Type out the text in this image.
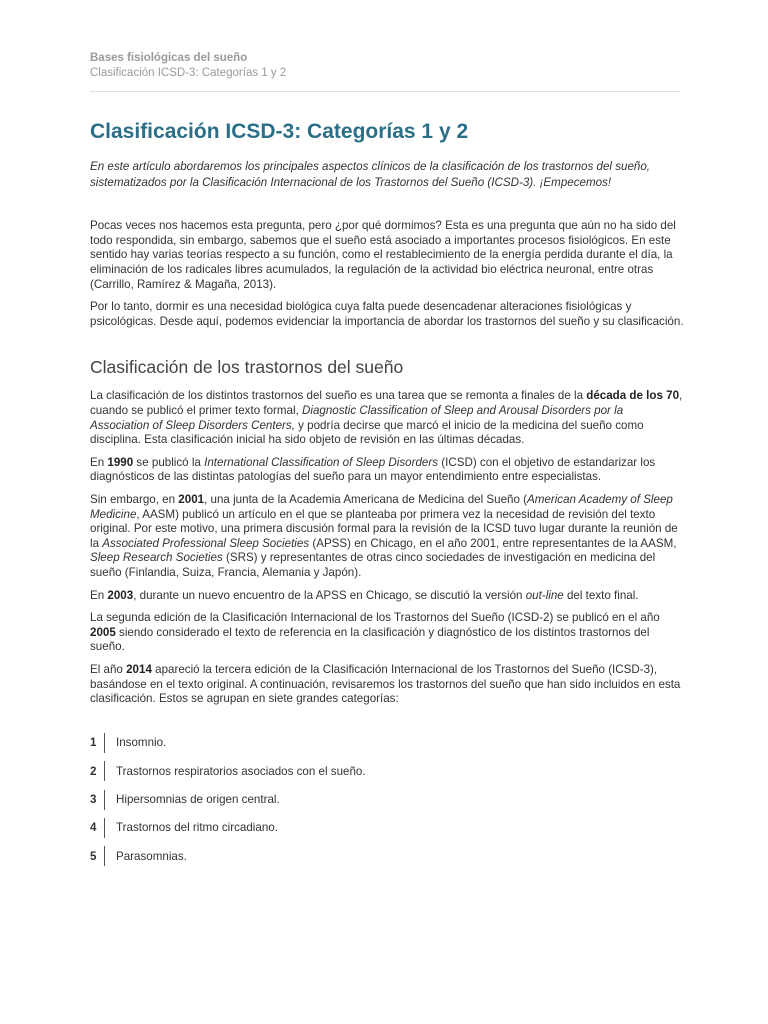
Bases fisiológicas del sueño
Clasificación ICSD-3: Categorías 1 y 2
Clasificación ICSD-3: Categorías 1 y 2

En este artículo abordaremos los principales aspectos clínicos de la clasificación de los trastornos del sueño, sistematizados por la Clasificación Internacional de los Trastornos del Sueño (ICSD-3). ¡Empecemos!

Pocas veces nos hacemos esta pregunta, pero ¿por qué dormimos? Esta es una pregunta que aún no ha sido del todo respondida, sin embargo, sabemos que el sueño está asociado a importantes procesos fisiológicos. En este sentido hay varias teorías respecto a su función, como el restablecimiento de la energía perdida durante el día, la eliminación de los radicales libres acumulados, la regulación de la actividad bio eléctrica neuronal, entre otras (Carrillo, Ramírez & Magaña, 2013).

Por lo tanto, dormir es una necesidad biológica cuya falta puede desencadenar alteraciones fisiológicas y psicológicas. Desde aquí, podemos evidenciar la importancia de abordar los trastornos del sueño y su clasificación.

Clasificación de los trastornos del sueño

La clasificación de los distintos trastornos del sueño es una tarea que se remonta a finales de la década de los 70, cuando se publicó el primer texto formal, Diagnostic Classification of Sleep and Arousal Disorders por la Association of Sleep Disorders Centers, y podría decirse que marcó el inicio de la medicina del sueño como disciplina. Esta clasificación inicial ha sido objeto de revisión en las últimas décadas.

En 1990 se publicó la International Classification of Sleep Disorders (ICSD) con el objetivo de estandarizar los diagnósticos de las distintas patologías del sueño para un mayor entendimiento entre especialistas.

Sin embargo, en 2001, una junta de la Academia Americana de Medicina del Sueño (American Academy of Sleep Medicine, AASM) publicó un artículo en el que se planteaba por primera vez la necesidad de revisión del texto original. Por este motivo, una primera discusión formal para la revisión de la ICSD tuvo lugar durante la reunión de la Associated Professional Sleep Societies (APSS) en Chicago, en el año 2001, entre representantes de la AASM, Sleep Research Societies (SRS) y representantes de otras cinco sociedades de investigación en medicina del sueño (Finlandia, Suiza, Francia, Alemania y Japón).

En 2003, durante un nuevo encuentro de la APSS en Chicago, se discutió la versión out-line del texto final.

La segunda edición de la Clasificación Internacional de los Trastornos del Sueño (ICSD-2) se publicó en el año 2005 siendo considerado el texto de referencia en la clasificación y diagnóstico de los distintos trastornos del sueño.

El año 2014 apareció la tercera edición de la Clasificación Internacional de los Trastornos del Sueño (ICSD-3), basándose en el texto original. A continuación, revisaremos los trastornos del sueño que han sido incluidos en esta clasificación. Estos se agrupan en siete grandes categorías:

1	Insomnio.
2	Trastornos respiratorios asociados con el sueño.
3	Hipersomnias de origen central.
4	Trastornos del ritmo circadiano.
5	Parasomnias.
